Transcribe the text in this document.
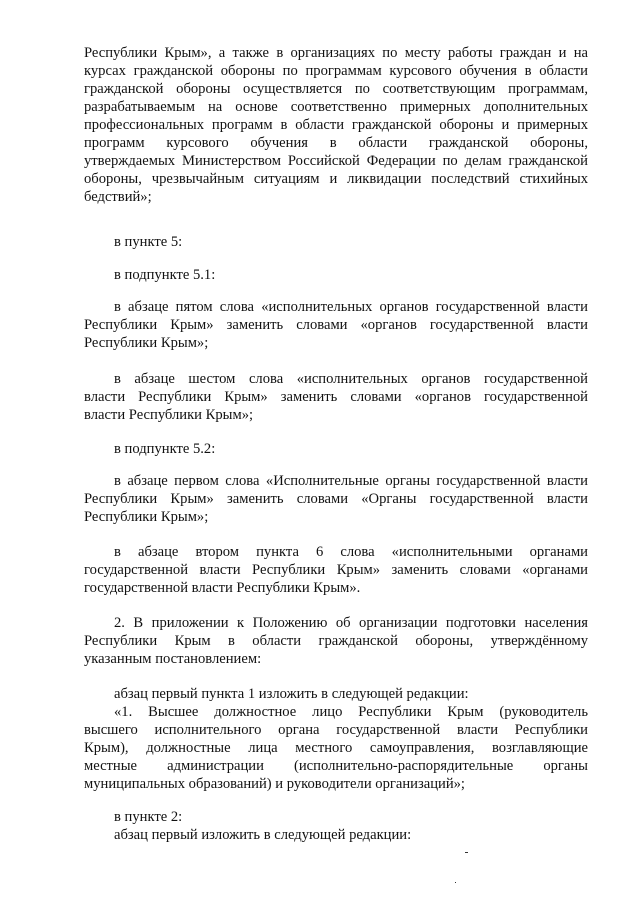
Республики Крым», а также в организациях по месту работы граждан и на
курсах гражданской обороны по программам курсового обучения в области
гражданской обороны осуществляется по соответствующим программам,
разрабатываемым на основе соответственно примерных дополнительных
профессиональных программ в области гражданской обороны и примерных
программ курсового обучения в области гражданской обороны,
утверждаемых Министерством Российской Федерации по делам гражданской
обороны, чрезвычайным ситуациям и ликвидации последствий стихийных
бедствий»;
в пункте 5:
в подпункте 5.1:
в абзаце пятом слова «исполнительных органов государственной власти
Республики Крым» заменить словами «органов государственной власти
Республики Крым»;
в абзаце шестом слова «исполнительных органов государственной
власти Республики Крым» заменить словами «органов государственной
власти Республики Крым»;
в подпункте 5.2:
в абзаце первом слова «Исполнительные органы государственной власти
Республики Крым» заменить словами «Органы государственной власти
Республики Крым»;
в абзаце втором пункта 6 слова «исполнительными органами
государственной власти Республики Крым» заменить словами «органами
государственной власти Республики Крым».
2. В приложении к Положению об организации подготовки населения
Республики Крым в области гражданской обороны, утверждённому
указанным постановлением:
абзац первый пункта 1 изложить в следующей редакции:
«1. Высшее должностное лицо Республики Крым (руководитель
высшего исполнительного органа государственной власти Республики
Крым), должностные лица местного самоуправления, возглавляющие
местные администрации (исполнительно-распорядительные органы
муниципальных образований) и руководители организаций»;
в пункте 2:
абзац первый изложить в следующей редакции:
